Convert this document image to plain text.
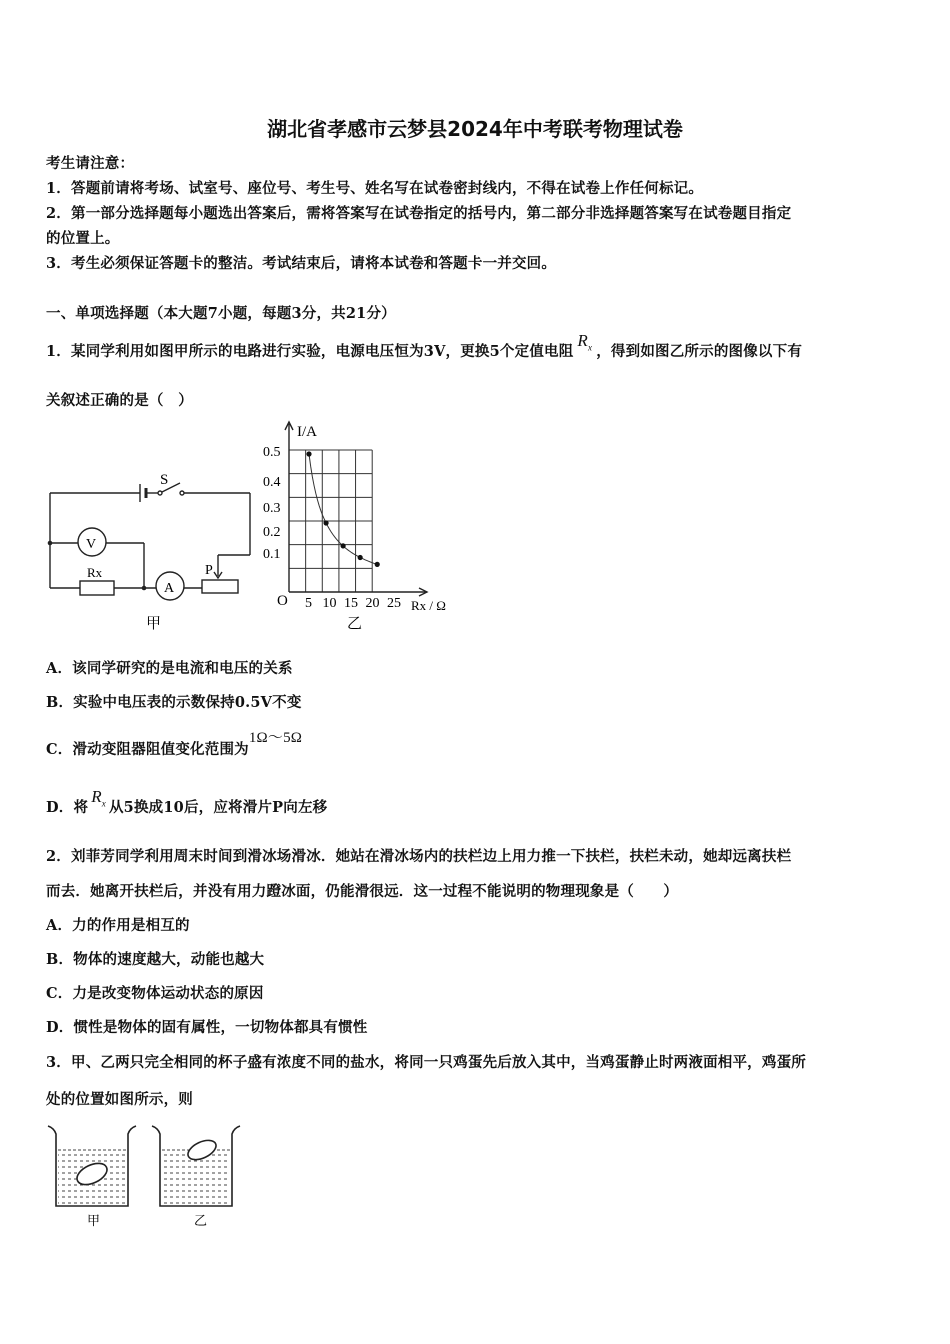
湖北省孝感市云梦县2024年中考联考物理试卷
考生请注意：
1．答题前请将考场、试室号、座位号、考生号、姓名写在试卷密封线内，不得在试卷上作任何标记。
2．第一部分选择题每小题选出答案后，需将答案写在试卷指定的括号内，第二部分非选择题答案写在试卷题目指定
的位置上。
3．考生必须保证答题卡的整洁。考试结束后，请将本试卷和答题卡一并交回。
一、单项选择题（本大题7小题，每题3分，共21分）
1．某同学利用如图甲所示的电路进行实验，电源电压恒为3V，更换5个定值电阻$R_x$ ，得到如图乙所示的图像以下有
关叙述正确的是（　）
S
V
A
Rx	P
甲
0.5
0.4
0.3
0.2
0.1
5 10 15 20 25
I/A
Rx / Ω
O
乙
A．该同学研究的是电流和电压的关系
B．实验中电压表的示数保持0.5V不变
C．滑动变阻器阻值变化范围为1Ω～5Ω
D．将$R_x$ 从5换成10后，应将滑片P向左移
2．刘菲芳同学利用周末时间到滑冰场滑冰．她站在滑冰场内的扶栏边上用力推一下扶栏，扶栏未动，她却远离扶栏
而去．她离开扶栏后，并没有用力蹬冰面，仍能滑很远．这一过程不能说明的物理现象是（　　）
A．力的作用是相互的
B．物体的速度越大，动能也越大
C．力是改变物体运动状态的原因
D．惯性是物体的固有属性，一切物体都具有惯性
3．甲、乙两只完全相同的杯子盛有浓度不同的盐水，将同一只鸡蛋先后放入其中，当鸡蛋静止时两液面相平，鸡蛋所
处的位置如图所示，则
甲	乙
